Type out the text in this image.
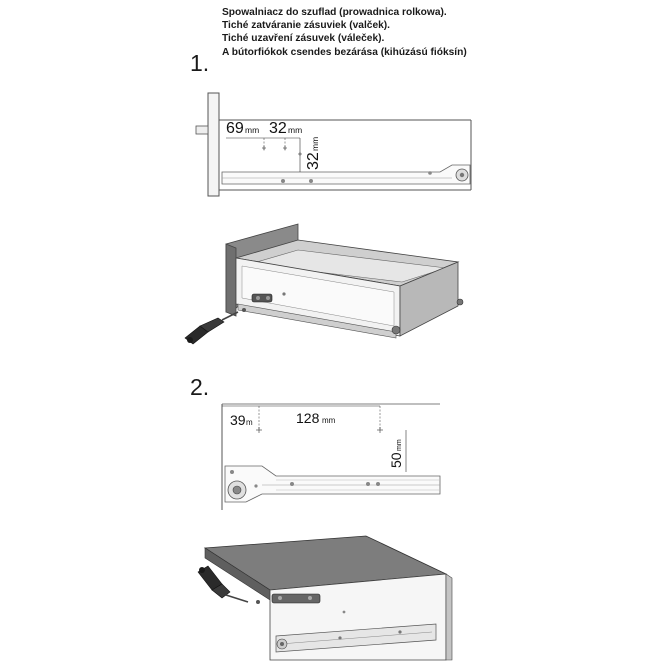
Spowalniacz do szuflad (prowadnica rolkowa).
Tiché zatváranie zásuviek (valček).
Tiché uzavření zásuvek (váleček).
A bútorfiókok csendes bezárása (kihúzású fióksín)
1.
2.
69 mm 32 mm
32
mm
39 m	128 mm
50
mm
